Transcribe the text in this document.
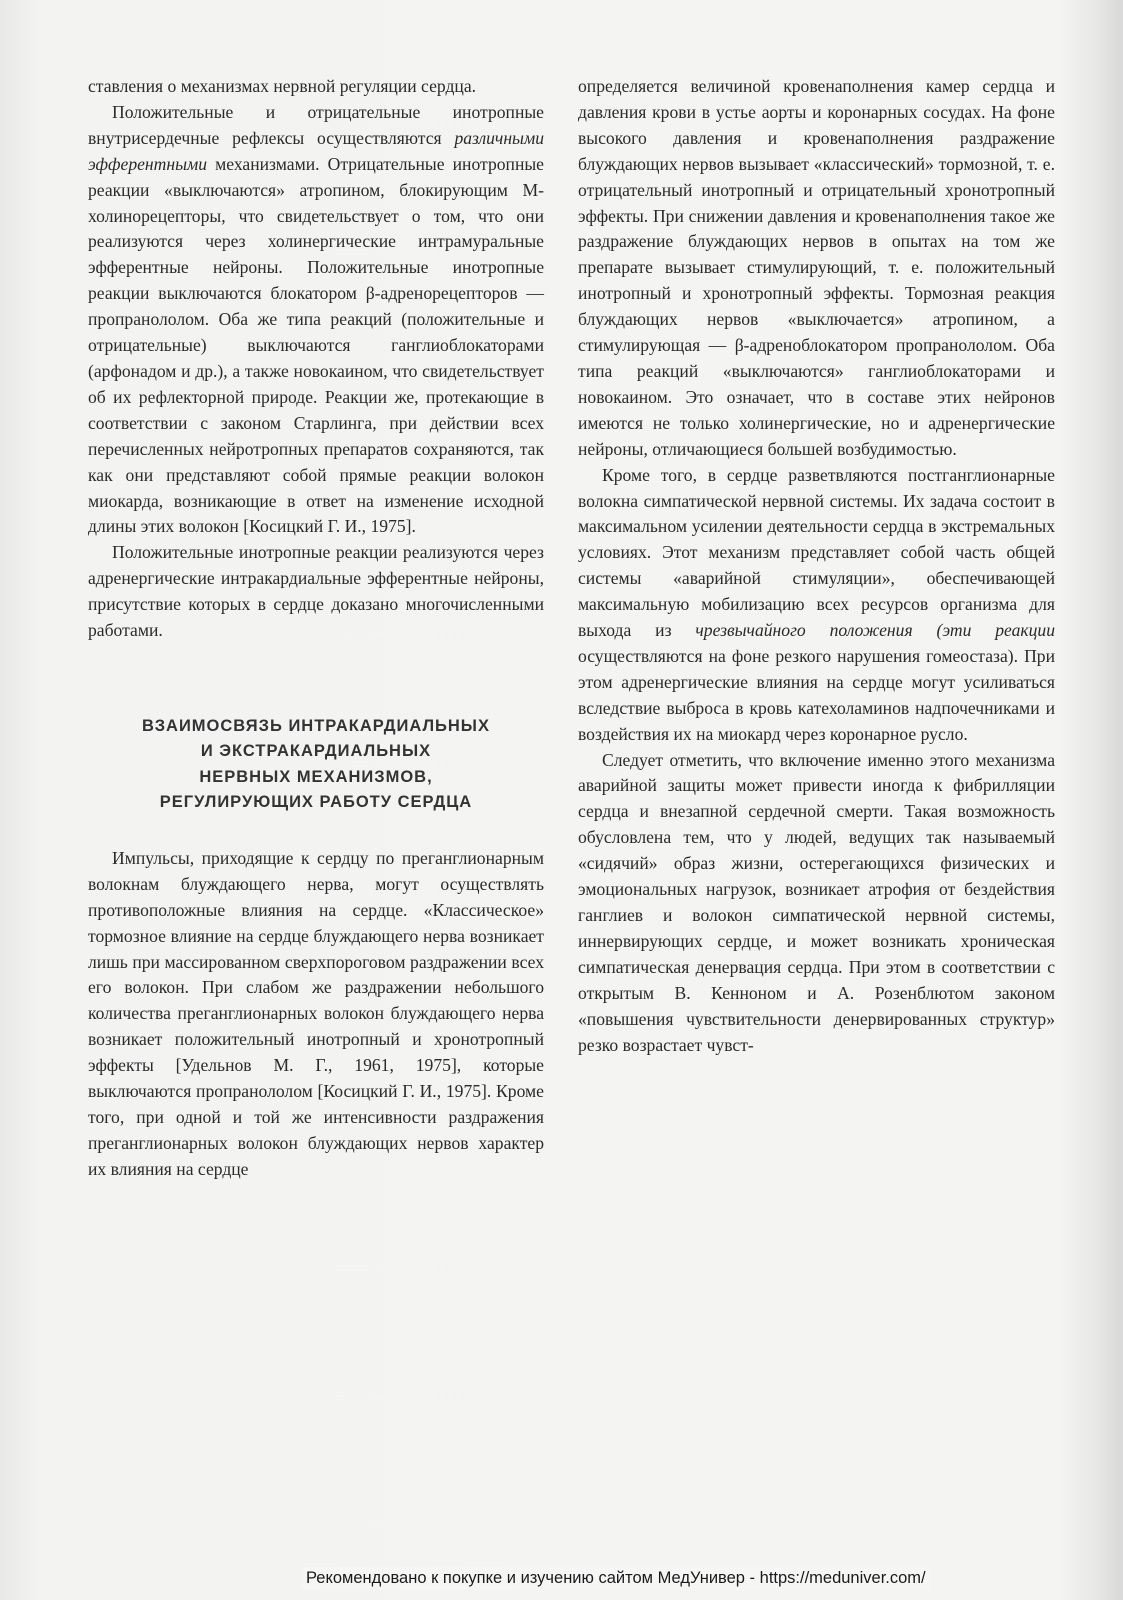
ставления о механизмах нервной регуляции сердца.

Положительные и отрицательные инотропные внутрисердечные рефлексы осуществляются различными эфферентными механизмами. Отрицательные инотропные реакции «выключаются» атропином, блокирующим М-холинорецепторы, что свидетельствует о том, что они реализуются через холинергические интрамуральные эфферентные нейроны. Положительные инотропные реакции выключаются блокатором β-адренорецепторов — пропранололом. Оба же типа реакций (положительные и отрицательные) выключаются ганглиоблокаторами (арфонадом и др.), а также новокаином, что свидетельствует об их рефлекторной природе. Реакции же, протекающие в соответствии с законом Старлинга, при действии всех перечисленных нейротропных препаратов сохраняются, так как они представляют собой прямые реакции волокон миокарда, возникающие в ответ на изменение исходной длины этих волокон [Косицкий Г. И., 1975].

Положительные инотропные реакции реализуются через адренергические интракардиальные эфферентные нейроны, присутствие которых в сердце доказано многочисленными работами.

ВЗАИМОСВЯЗЬ ИНТРАКАРДИАЛЬНЫХ
И ЭКСТРАКАРДИАЛЬНЫХ
НЕРВНЫХ МЕХАНИЗМОВ,
РЕГУЛИРУЮЩИХ РАБОТУ СЕРДЦА

Импульсы, приходящие к сердцу по преганглионарным волокнам блуждающего нерва, могут осуществлять противоположные влияния на сердце. «Классическое» тормозное влияние на сердце блуждающего нерва возникает лишь при массированном сверхпороговом раздражении всех его волокон. При слабом же раздражении небольшого количества преганглионарных волокон блуждающего нерва возникает положительный инотропный и хронотропный эффекты [Удельнов М. Г., 1961, 1975], которые выключаются пропранололом [Косицкий Г. И., 1975]. Кроме того, при одной и той же интенсивности раздражения преганглионарных волокон блуждающих нервов характер их влияния на сердце

определяется величиной кровенаполнения камер сердца и давления крови в устье аорты и коронарных сосудах. На фоне высокого давления и кровенаполнения раздражение блуждающих нервов вызывает «классический» тормозной, т. е. отрицательный инотропный и отрицательный хронотропный эффекты. При снижении давления и кровенаполнения такое же раздражение блуждающих нервов в опытах на том же препарате вызывает стимулирующий, т. е. положительный инотропный и хронотропный эффекты. Тормозная реакция блуждающих нервов «выключается» атропином, а стимулирующая — β-адреноблокатором пропранололом. Оба типа реакций «выключаются» ганглиоблокаторами и новокаином. Это означает, что в составе этих нейронов имеются не только холинергические, но и адренергические нейроны, отличающиеся большей возбудимостью.

Кроме того, в сердце разветвляются постганглионарные волокна симпатической нервной системы. Их задача состоит в максимальном усилении деятельности сердца в экстремальных условиях. Этот механизм представляет собой часть общей системы «аварийной стимуляции», обеспечивающей максимальную мобилизацию всех ресурсов организма для выхода из чрезвычайного положения (эти реакции осуществляются на фоне резкого нарушения гомеостаза). При этом адренергические влияния на сердце могут усиливаться вследствие выброса в кровь катехоламинов надпочечниками и воздействия их на миокард через коронарное русло.

Следует отметить, что включение именно этого механизма аварийной защиты может привести иногда к фибрилляции сердца и внезапной сердечной смерти. Такая возможность обусловлена тем, что у людей, ведущих так называемый «сидячий» образ жизни, остерегающихся физических и эмоциональных нагрузок, возникает атрофия от бездействия ганглиев и волокон симпатической нервной системы, иннервирующих сердце, и может возникать хроническая симпатическая денервация сердца. При этом в соответствии с открытым В. Кенноном и А. Розенблютом законом «повышения чувствительности денервированных структур» резко возрастает чувст-

Рекомендовано к покупке и изучению сайтом МедУнивер - https://meduniver.com/
